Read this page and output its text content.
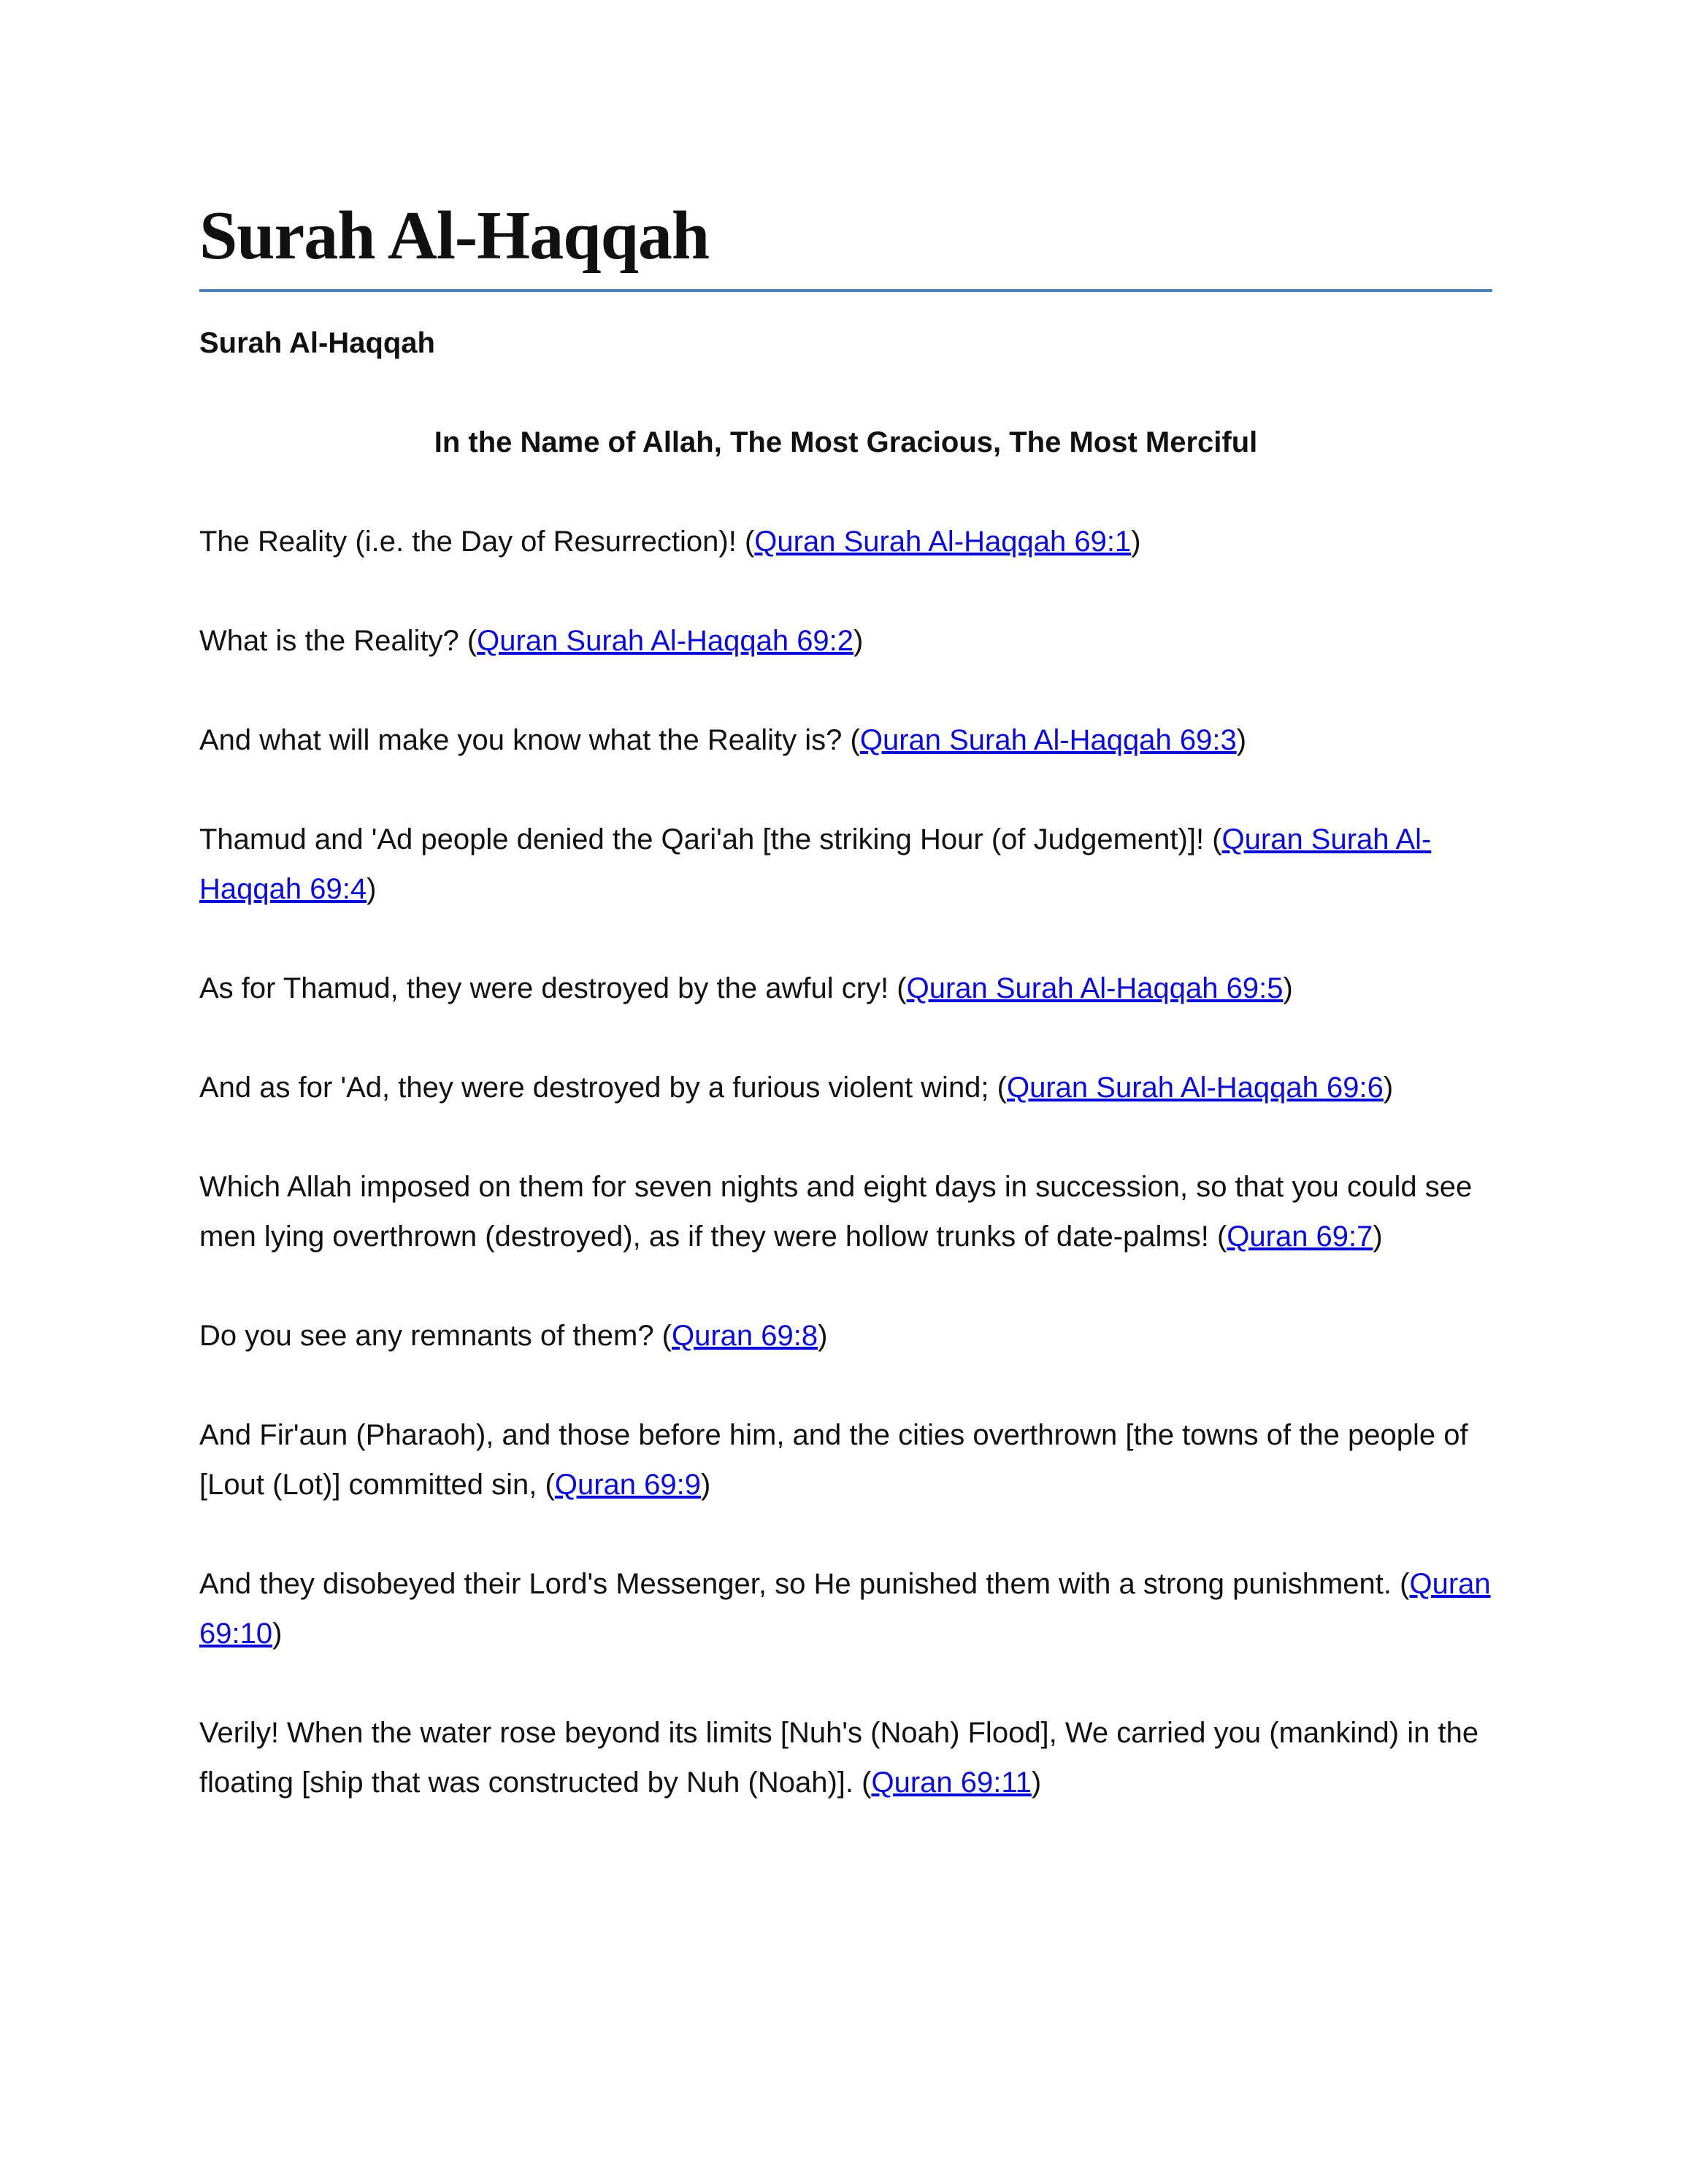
Surah Al-Haqqah

Surah Al-Haqqah

In the Name of Allah, The Most Gracious, The Most Merciful

The Reality (i.e. the Day of Resurrection)! (Quran Surah Al-Haqqah 69:1)

What is the Reality? (Quran Surah Al-Haqqah 69:2)

And what will make you know what the Reality is? (Quran Surah Al-Haqqah 69:3)

Thamud and 'Ad people denied the Qari'ah [the striking Hour (of Judgement)]! (Quran Surah Al-Haqqah 69:4)

As for Thamud, they were destroyed by the awful cry! (Quran Surah Al-Haqqah 69:5)

And as for 'Ad, they were destroyed by a furious violent wind; (Quran Surah Al-Haqqah 69:6)

Which Allah imposed on them for seven nights and eight days in succession, so that you could see men lying overthrown (destroyed), as if they were hollow trunks of date-palms! (Quran 69:7)

Do you see any remnants of them? (Quran 69:8)

And Fir'aun (Pharaoh), and those before him, and the cities overthrown [the towns of the people of [Lout (Lot)] committed sin, (Quran 69:9)

And they disobeyed their Lord's Messenger, so He punished them with a strong punishment. (Quran 69:10)

Verily! When the water rose beyond its limits [Nuh's (Noah) Flood], We carried you (mankind) in the floating [ship that was constructed by Nuh (Noah)]. (Quran 69:11)
